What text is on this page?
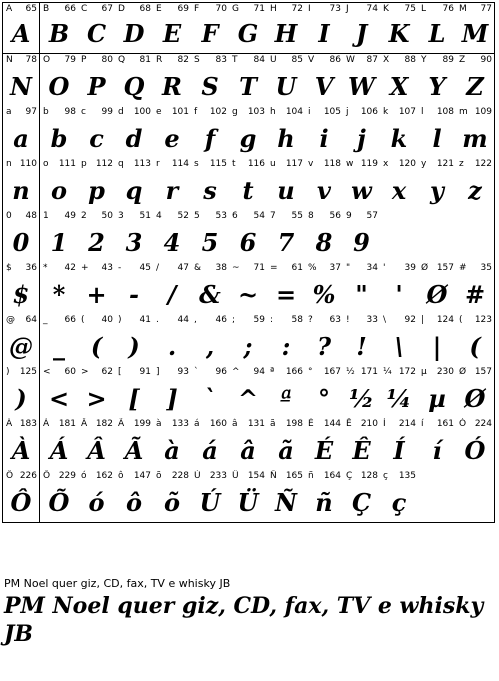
A 65
A
B 66
B
C 67
C
D 68
D
E 69
E
F 70
F
G 71
G
H 72
H
I 73
I
J 74
J
K 75
K
L 76
L
M 77
M
N 78
N
O 79
O
P 80
P
Q 81
Q
R 82
R
S 83
S
T 84
T
U 85
U
V 86
V
W 87
W
X 88
X
Y 89
Y
Z 90
Z
a 97
a
b 98
b
c 99
c
d 100
d
e 101
e
f 102
f
g 103
g
h 104
h
i 105
i
j 106
j
k 107
k
l 108
l
m 109
m
n 110
n
o 111
o
p 112
p
q 113
q
r 114
r
s 115
s
t 116
t
u 117
u
v 118
v
w 119
w
x 120
x
y 121
y
z 122
z
0 48
0
1 49
1
2 50
2
3 51
3
4 52
4
5 53
5
6 54
6
7 55
7
8 56
8
9 57
9
$ 36
$
* 42
*
+ 43
+
- 45
-
/ 47
/
& 38
&
~ 71
~
= 61
=
% 37
%
" 34
"
' 39
'
Ø 157
Ø
# 35
#
@ 64
@
_ 66
_
( 40
(
) 41
)
. 44
.
, 46
,
; 59
;
: 58
:
? 63
?
! 33
!
\ 92
\
| 124
|
( 123
(
) 125
)
< 60
<
> 62
>
[ 91
[
] 93
]
` 96
`
^ 94
^
ª 166
ª
° 167
°
½ 171
½
¼ 172
¼
µ 230
µ
Ø 157
Ø
À 183
À
Á 181
Á
Â 182
Â
Ã 199
Ã
à 133
à
á 160
á
â 131
â
ã 198
ã
É 144
É
Ê 210
Ê
Í 214
Í
í 161
í
Ó 224
Ó
Ô 226
Ô
Õ 229
Õ
ó 162
ó
ô 147
ô
õ 228
õ
Ú 233
Ú
Ü 154
Ü
Ñ 165
Ñ
ñ 164
ñ
Ç 128
Ç
ç 135
ç
PM Noel quer giz, CD, fax, TV e whisky JB
PM Noel quer giz, CD, fax, TV e whisky JB
